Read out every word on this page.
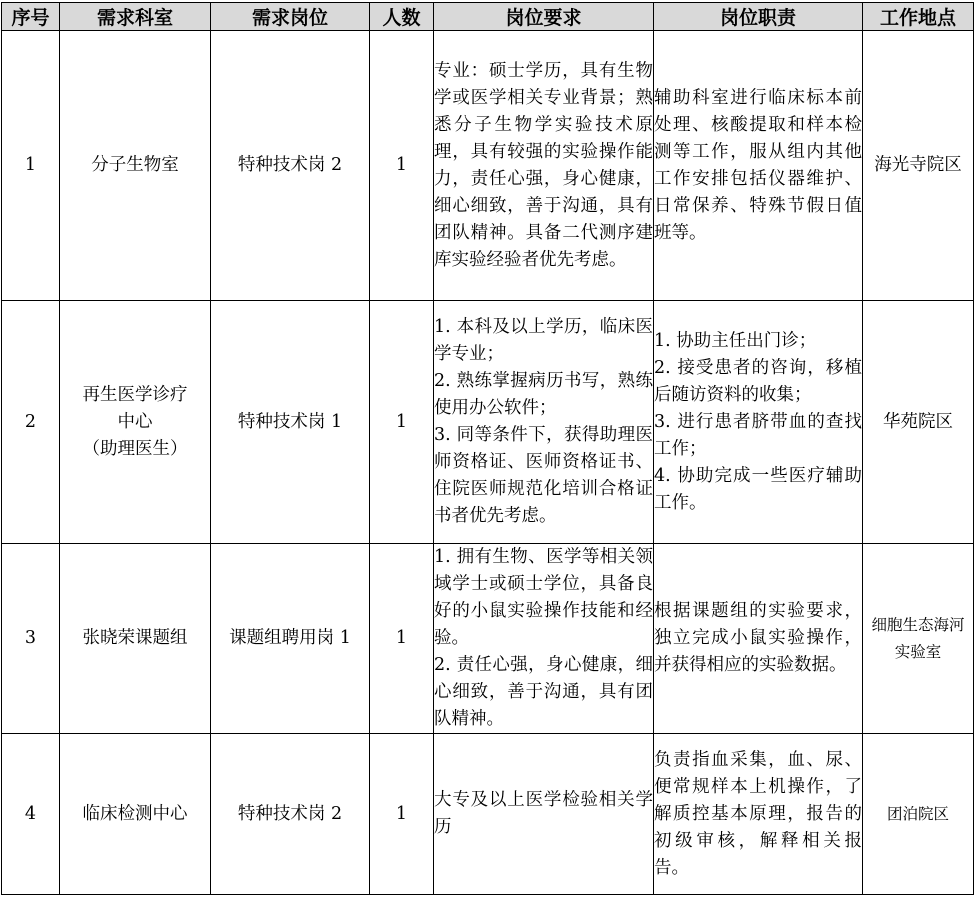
序号	需求科室	需求岗位	人数	岗位要求	岗位职责	工作地点
1	分子生物室	特种技术岗 2	1	专业：硕士学历，具有生物学或医学相关专业背景；熟悉分子生物学实验技术原理，具有较强的实验操作能力，责任心强，身心健康，细心细致，善于沟通，具有团队精神。具备二代测序建库实验经验者优先考虑。	辅助科室进行临床标本前处理、核酸提取和样本检测等工作，服从组内其他工作安排包括仪器维护、日常保养、特殊节假日值班等。	海光寺院区
2	再生医学诊疗中心
（助理医生）	特种技术岗 1	1	1. 本科及以上学历，临床医学专业；
2. 熟练掌握病历书写，熟练使用办公软件；
3. 同等条件下，获得助理医师资格证、医师资格证书、住院医师规范化培训合格证书者优先考虑。	1. 协助主任出门诊；
2. 接受患者的咨询，移植后随访资料的收集；
3. 进行患者脐带血的查找工作；
4. 协助完成一些医疗辅助工作。	华苑院区
3	张晓荣课题组	课题组聘用岗 1	1	1. 拥有生物、医学等相关领域学士或硕士学位，具备良好的小鼠实验操作技能和经验。
2. 责任心强，身心健康，细心细致，善于沟通，具有团队精神。	根据课题组的实验要求，独立完成小鼠实验操作，并获得相应的实验数据。	细胞生态海河实验室
4	临床检测中心	特种技术岗 2	1	大专及以上医学检验相关学历	负责指血采集，血、尿、便常规样本上机操作，了解质控基本原理，报告的初级审核，解释相关报告。	团泊院区
